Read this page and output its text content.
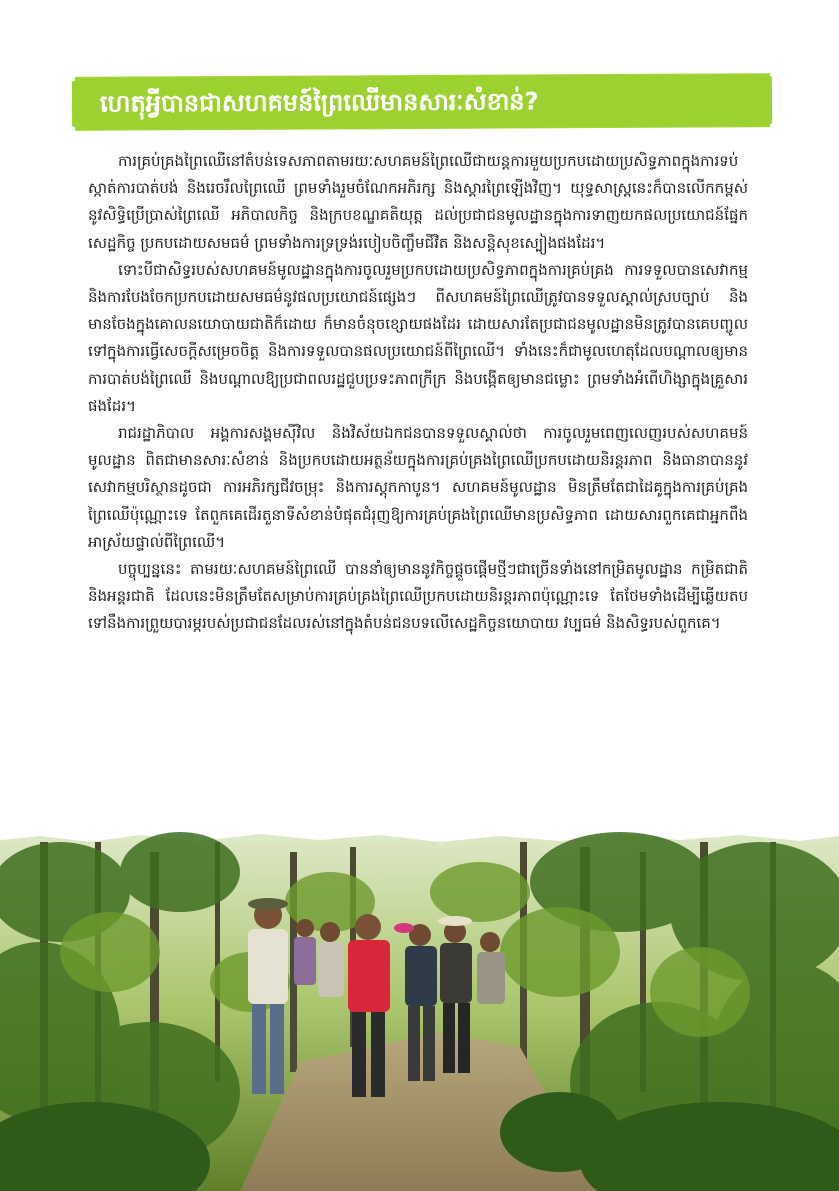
ហេតុអ្វីបានជាសហគមន៍ព្រៃឈើមានសារៈសំខាន់?

ការគ្រប់គ្រងព្រៃឈើនៅតំបន់ទេសភាពតាមរយៈសហគមន៍ព្រៃឈើជាយន្តការមួយប្រកបដោយប្រសិទ្ធភាពក្នុងការទប់ស្កាត់ការបាត់បង់ និងរេចរឹលព្រៃឈើ ព្រមទាំងរួមចំណែកអភិរក្ស និងស្តារព្រៃឡើងវិញ។ យុទ្ធសាស្ត្រនេះក៏បានលើកកម្ពស់នូវសិទ្ធិប្រើប្រាស់ព្រៃឈើ អភិបាលកិច្ច និងក្របខណ្ឌគតិយុត្ត ដល់ប្រជាជនមូលដ្ឋានក្នុងការទាញយកផលប្រយោជន៍ផ្នែកសេដ្ឋកិច្ច ប្រកបដោយសមធម៌ ព្រមទាំងការទ្រទ្រង់របៀបចិញ្ចឹមជីវិត និងសន្តិសុខស្បៀងផងដែរ។

ទោះបីជាសិទ្ធរបស់សហគមន៍មូលដ្ឋានក្នុងការចូលរួមប្រកបដោយប្រសិទ្ធភាពក្នុងការគ្រប់គ្រង ការទទួលបានសេវាកម្ម និងការបែងចែកប្រកបដោយសមធម៌នូវផលប្រយោជន៍ផ្សេងៗ ពីសហគមន៍ព្រៃឈើត្រូវបានទទួលស្គាល់ស្របច្បាប់ និងមានចែងក្នុងគោលនយោបាយជាតិក៏ដោយ ក៏មានចំនុចខ្សោយផងដែរ ដោយសារតែប្រជាជនមូលដ្ឋានមិនត្រូវបានគេបញ្ចូលទៅក្នុងការធ្វើសេចក្តីសម្រេចចិត្ត និងការទទួលបានផលប្រយោជន៍ពីព្រៃឈើ។ ទាំងនេះក៏ជាមូលហេតុដែលបណ្តាលឲ្យមានការបាត់បង់ព្រៃឈើ និងបណ្តាលឱ្យប្រជាពលរដ្ឋជួបប្រទះភាពក្រីក្រ និងបង្កើតឲ្យមានជម្លោះ ព្រមទាំងអំពើហិង្សាក្នុងគ្រួសារផងដែរ។

រាជរដ្ឋាភិបាល អង្គការសង្គមស៊ីវិល និងវិស័យឯកជនបានទទួលស្គាល់ថា ការចូលរួមពេញលេញរបស់សហគមន៍មូលដ្ឋាន ពិតជាមានសារៈសំខាន់ និងប្រកបដោយអត្ថន័យក្នុងការគ្រប់គ្រងព្រៃឈើប្រកបដោយនិរន្តរភាព និងធានាបាននូវសេវាកម្មបរិស្ថានដូចជា ការអភិរក្សជីវចម្រុះ និងការស្តុកកាបូន។ សហគមន៍មូលដ្ឋាន មិនត្រឹមតែជាដៃគូក្នុងការគ្រប់គ្រងព្រៃឈើប៉ុណ្ណោះទេ តែពួកគេដើរតួនាទីសំខាន់បំផុតជំរុញឱ្យការគ្រប់គ្រងព្រៃឈើមានប្រសិទ្ធភាព ដោយសារពួកគេជាអ្នកពឹងអាស្រ័យផ្ទាល់ពីព្រៃឈើ។

បច្ចុប្បន្ននេះ តាមរយៈសហគមន៍ព្រៃឈើ បាននាំឲ្យមាននូវកិច្ចផ្តួចផ្តើមថ្មីៗជាច្រើនទាំងនៅកម្រិតមូលដ្ឋាន កម្រិតជាតិ និងអន្តរជាតិ ដែលនេះមិនត្រឹមតែសម្រាប់ការគ្រប់គ្រងព្រៃឈើប្រកបដោយនិរន្តរភាពប៉ុណ្ណោះទេ តែថែមទាំងដើម្បីឆ្លើយតបទៅនឹងការព្រួយបារម្ភរបស់ប្រជាជនដែលរស់នៅក្នុងតំបន់ជនបទលើសេដ្ឋកិច្ចនយោបាយ វប្បធម៌ និងសិទ្ធរបស់ពួកគេ។
